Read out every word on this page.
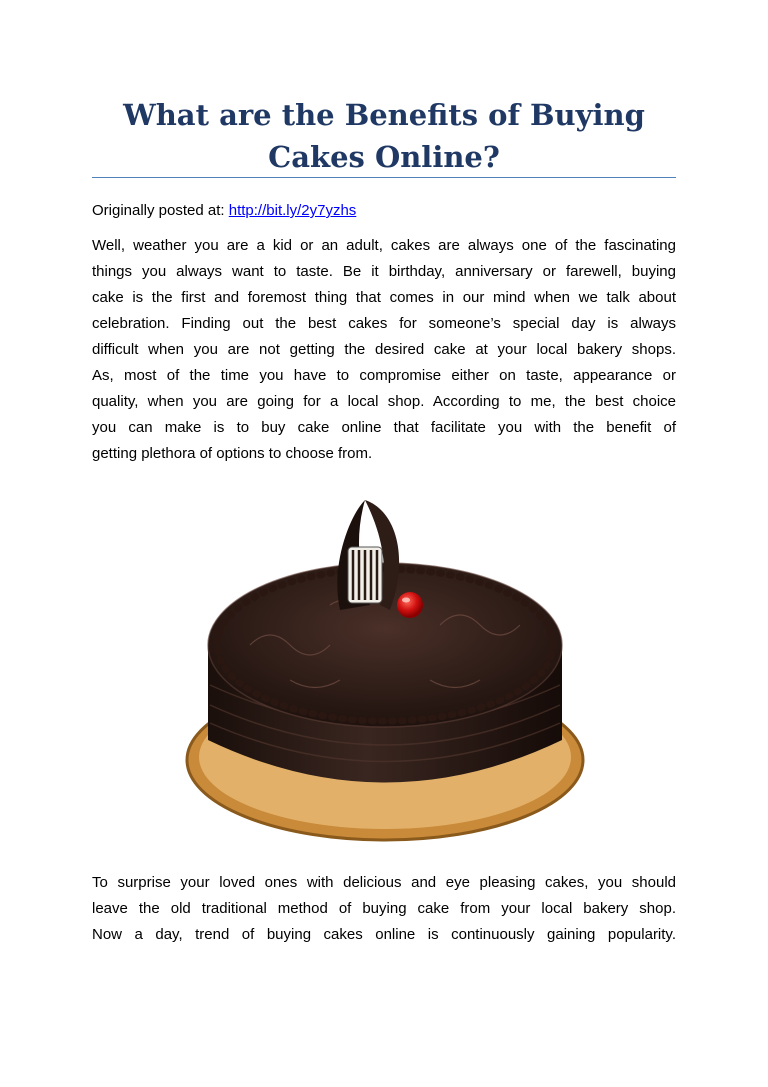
What are the Benefits of Buying Cakes Online?

Originally posted at: http://bit.ly/2y7yzhs

Well, weather you are a kid or an adult, cakes are always one of the fascinating
things you always want to taste. Be it birthday, anniversary or farewell, buying
cake is the first and foremost thing that comes in our mind when we talk about
celebration. Finding out the best cakes for someone’s special day is always
difficult when you are not getting the desired cake at your local bakery shops.
As, most of the time you have to compromise either on taste, appearance or
quality, when you are going for a local shop. According to me, the best choice
you can make is to buy cake online that facilitate you with the benefit of
getting plethora of options to choose from.
To surprise your loved ones with delicious and eye pleasing cakes, you should
leave the old traditional method of buying cake from your local bakery shop.
Now a day, trend of buying cakes online is continuously gaining popularity.
